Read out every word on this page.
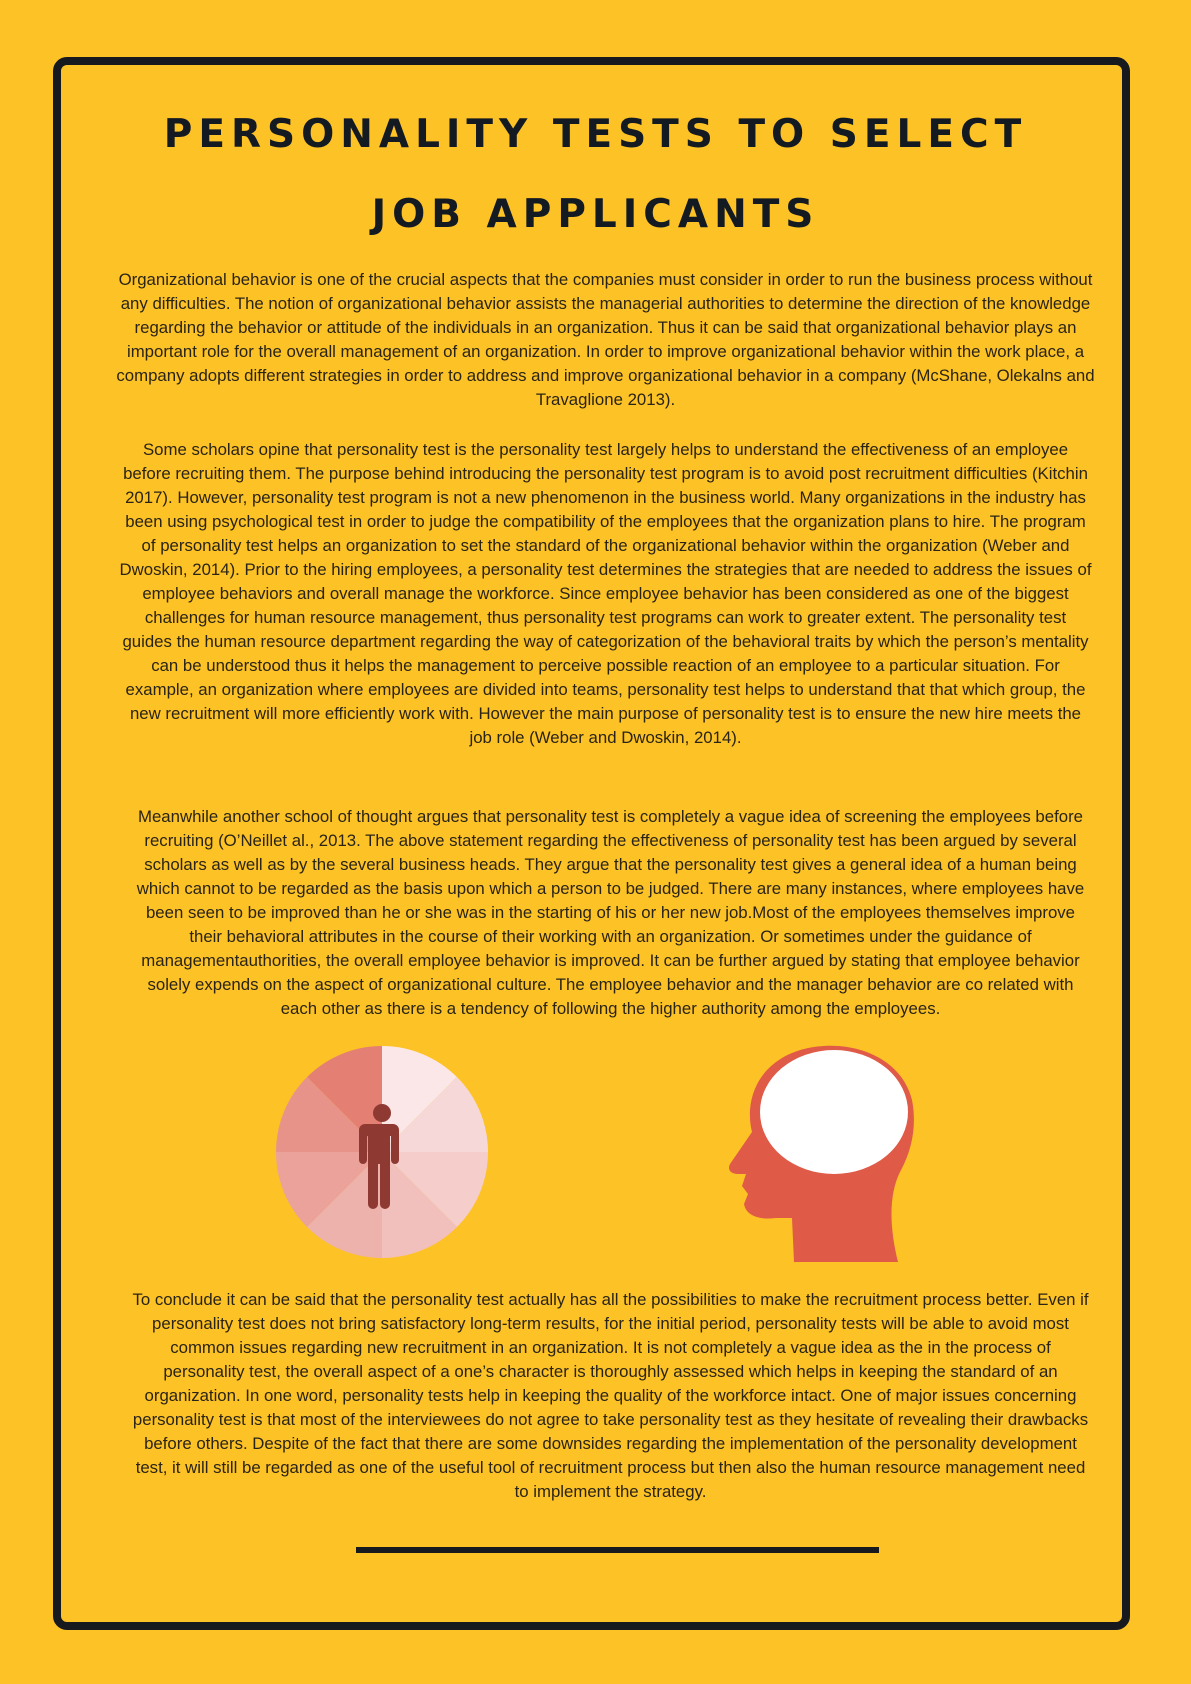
PERSONALITY TESTS TO SELECT
JOB APPLICANTS

Organizational behavior is one of the crucial aspects that the companies must consider in order to run the business process without any difficulties. The notion of organizational behavior assists the managerial authorities to determine the direction of the knowledge regarding the behavior or attitude of the individuals in an organization. Thus it can be said that organizational behavior plays an important role for the overall management of an organization. In order to improve organizational behavior within the work place, a company adopts different strategies in order to address and improve organizational behavior in a company (McShane, Olekalns and Travaglione 2013).

Some scholars opine that personality test is the personality test largely helps to understand the effectiveness of an employee before recruiting them. The purpose behind introducing the personality test program is to avoid post recruitment difficulties (Kitchin 2017). However, personality test program is not a new phenomenon in the business world. Many organizations in the industry has been using psychological test in order to judge the compatibility of the employees that the organization plans to hire. The program of personality test helps an organization to set the standard of the organizational behavior within the organization (Weber and Dwoskin, 2014). Prior to the hiring employees, a personality test determines the strategies that are needed to address the issues of employee behaviors and overall manage the workforce. Since employee behavior has been considered as one of the biggest challenges for human resource management, thus personality test programs can work to greater extent. The personality test guides the human resource department regarding the way of categorization of the behavioral traits by which the person’s mentality can be understood thus it helps the management to perceive possible reaction of an employee to a particular situation. For example, an organization where employees are divided into teams, personality test helps to understand that that which group, the new recruitment will more efficiently work with. However the main purpose of personality test is to ensure the new hire meets the job role (Weber and Dwoskin, 2014).

Meanwhile another school of thought argues that personality test is completely a vague idea of screening the employees before recruiting (O’Neillet al., 2013. The above statement regarding the effectiveness of personality test has been argued by several scholars as well as by the several business heads. They argue that the personality test gives a general idea of a human being which cannot to be regarded as the basis upon which a person to be judged. There are many instances, where employees have been seen to be improved than he or she was in the starting of his or her new job.Most of the employees themselves improve their behavioral attributes in the course of their working with an organization. Or sometimes under the guidance of managementauthorities, the overall employee behavior is improved. It can be further argued by stating that employee behavior solely expends on the aspect of organizational culture. The employee behavior and the manager behavior are co related with each other as there is a tendency of following the higher authority among the employees.

To conclude it can be said that the personality test actually has all the possibilities to make the recruitment process better. Even if personality test does not bring satisfactory long-term results, for the initial period, personality tests will be able to avoid most common issues regarding new recruitment in an organization. It is not completely a vague idea as the in the process of personality test, the overall aspect of a one’s character is thoroughly assessed which helps in keeping the standard of an organization. In one word, personality tests help in keeping the quality of the workforce intact. One of major issues concerning personality test is that most of the interviewees do not agree to take personality test as they hesitate of revealing their drawbacks before others. Despite of the fact that there are some downsides regarding the implementation of the personality development test, it will still be regarded as one of the useful tool of recruitment process but then also the human resource management need to implement the strategy.
